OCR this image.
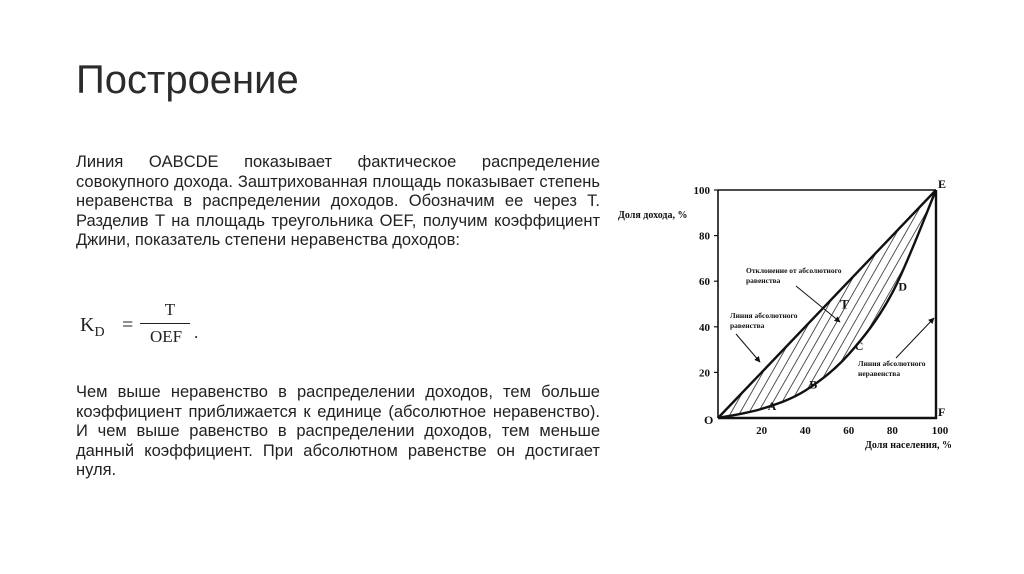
Построение
Линия OABCDE показывает фактическое распределение совокупного дохода. Заштрихованная площадь показывает степень неравенства в распределении доходов. Обозначим ее через T. Разделив T на площадь треугольника OEF, получим коэффициент Джини, показатель степени неравенства доходов:
$K_D$ =
T
OEF .
Чем выше неравенство в распределении доходов, тем больше коэффициент приближается к единице (абсолютное неравенство). И чем выше равенство в распределении доходов, тем меньше данный коэффициент. При абсолютном равенстве он достигает нуля.
20
40
60
80
100
20	40	60	80	100
Доля дохода, %
Доля населения, %
O
A
B
C
D
E
F
T
Отклонение от абсолютного
равенства
Линия абсолютного
равенства
Линия абсолютного
неравенства
